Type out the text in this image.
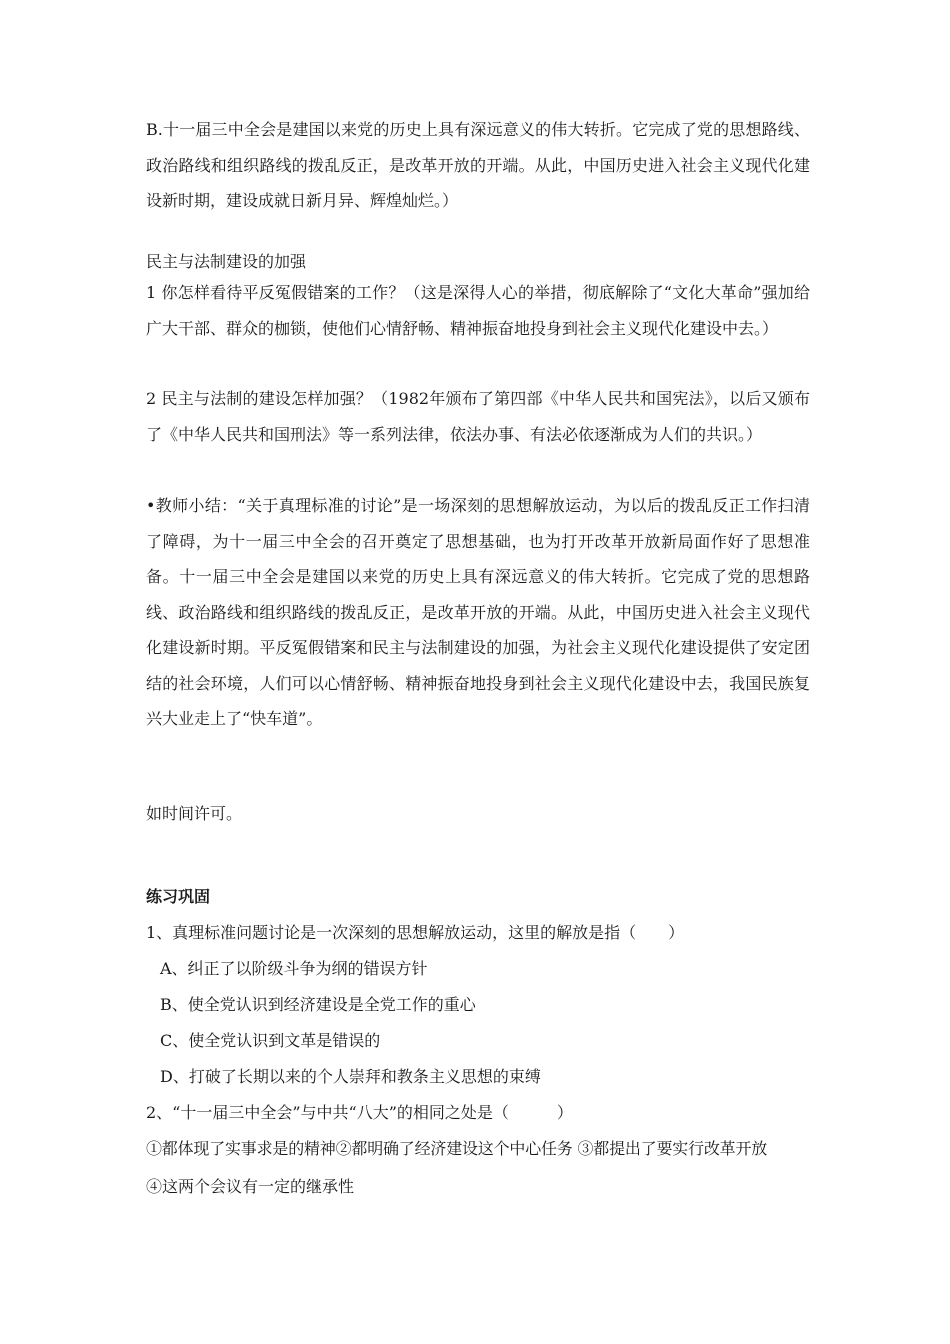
B.十一届三中全会是建国以来党的历史上具有深远意义的伟大转折。它完成了党的思想路线、政治路线和组织路线的拨乱反正，是改革开放的开端。从此，中国历史进入社会主义现代化建设新时期，建设成就日新月异、辉煌灿烂。）

民主与法制建设的加强

1 你怎样看待平反冤假错案的工作？（这是深得人心的举措，彻底解除了“文化大革命”强加给广大干部、群众的枷锁，使他们心情舒畅、精神振奋地投身到社会主义现代化建设中去。）

2 民主与法制的建设怎样加强？（1982年颁布了第四部《中华人民共和国宪法》，以后又颁布了《中华人民共和国刑法》等一系列法律，依法办事、有法必依逐渐成为人们的共识。）

•教师小结：“关于真理标准的讨论”是一场深刻的思想解放运动，为以后的拨乱反正工作扫清了障碍，为十一届三中全会的召开奠定了思想基础，也为打开改革开放新局面作好了思想准备。十一届三中全会是建国以来党的历史上具有深远意义的伟大转折。它完成了党的思想路线、政治路线和组织路线的拨乱反正，是改革开放的开端。从此，中国历史进入社会主义现代化建设新时期。平反冤假错案和民主与法制建设的加强，为社会主义现代化建设提供了安定团结的社会环境，人们可以心情舒畅、精神振奋地投身到社会主义现代化建设中去，我国民族复兴大业走上了“快车道”。

如时间许可。

练习巩固

1、真理标准问题讨论是一次深刻的思想解放运动，这里的解放是指（　　）

A、纠正了以阶级斗争为纲的错误方针

B、使全党认识到经济建设是全党工作的重心

C、使全党认识到文革是错误的

D、打破了长期以来的个人崇拜和教条主义思想的束缚

2、“十一届三中全会”与中共“八大”的相同之处是（　　　）

①都体现了实事求是的精神②都明确了经济建设这个中心任务 ③都提出了要实行改革开放

④这两个会议有一定的继承性
